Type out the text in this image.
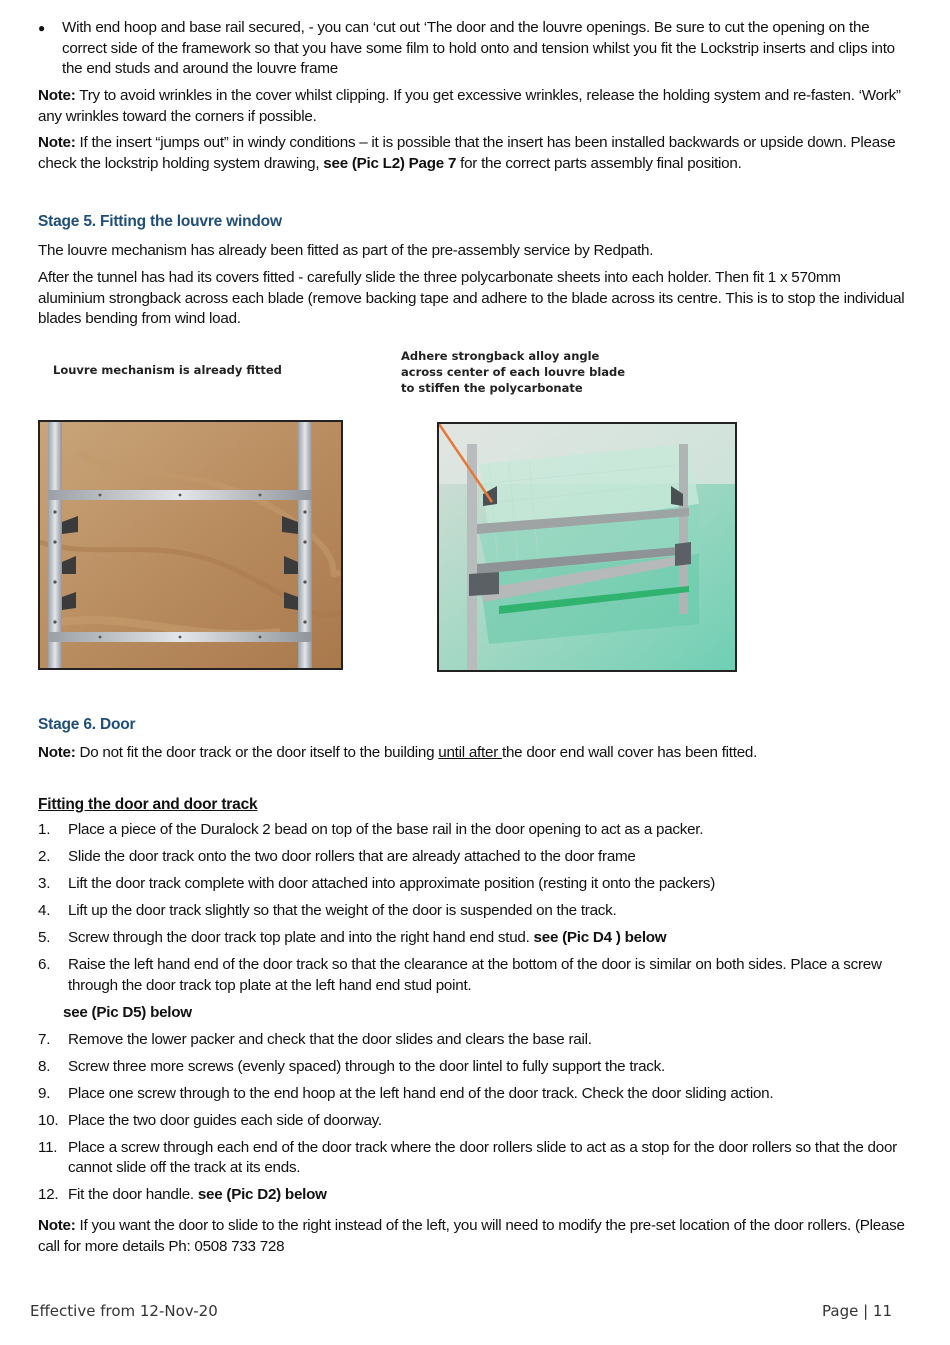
●	With end hoop and base rail secured, - you can ‘cut out ‘The door and the louvre openings. Be sure to cut the opening on the correct side of the framework so that you have some film to hold onto and tension whilst you fit the Lockstrip inserts and clips into the end studs and around the louvre frame

Note: Try to avoid wrinkles in the cover whilst clipping. If you get excessive wrinkles, release the holding system and re-fasten. ‘Work” any wrinkles toward the corners if possible.

Note: If the insert “jumps out” in windy conditions – it is possible that the insert has been installed backwards or upside down. Please check the lockstrip holding system drawing, see (Pic L2) Page 7 for the correct parts assembly final position.

Stage 5. Fitting the louvre window

The louvre mechanism has already been fitted as part of the pre-assembly service by Redpath.

After the tunnel has had its covers fitted - carefully slide the three polycarbonate sheets into each holder. Then fit 1 x 570mm aluminium strongback across each blade (remove backing tape and adhere to the blade across its centre. This is to stop the individual blades bending from wind load.

Louvre mechanism is already fitted

Adhere strongback alloy angle
across center of each louvre blade
to stiffen the polycarbonate
Stage 6. Door

Note: Do not fit the door track or the door itself to the building until after the door end wall cover has been fitted.

Fitting the door and door track
1. Place a piece of the Duralock 2 bead on top of the base rail in the door opening to act as a packer.
2. Slide the door track onto the two door rollers that are already attached to the door frame
3. Lift the door track complete with door attached into approximate position (resting it onto the packers)
4. Lift up the door track slightly so that the weight of the door is suspended on the track.
5. Screw through the door track top plate and into the right hand end stud. see (Pic D4 ) below
6. Raise the left hand end of the door track so that the clearance at the bottom of the door is similar on both sides. Place a screw through the door track top plate at the left hand end stud point.
see (Pic D5) below
7. Remove the lower packer and check that the door slides and clears the base rail.
8. Screw three more screws (evenly spaced) through to the door lintel to fully support the track.
9. Place one screw through to the end hoop at the left hand end of the door track. Check the door sliding action.
10. Place the two door guides each side of doorway.
11. Place a screw through each end of the door track where the door rollers slide to act as a stop for the door rollers so that the door cannot slide off the track at its ends.
12. Fit the door handle. see (Pic D2) below

Note: If you want the door to slide to the right instead of the left, you will need to modify the pre-set location of the door rollers. (Please call for more details Ph: 0508 733 728

Effective from 12-Nov-20	Page | 11
